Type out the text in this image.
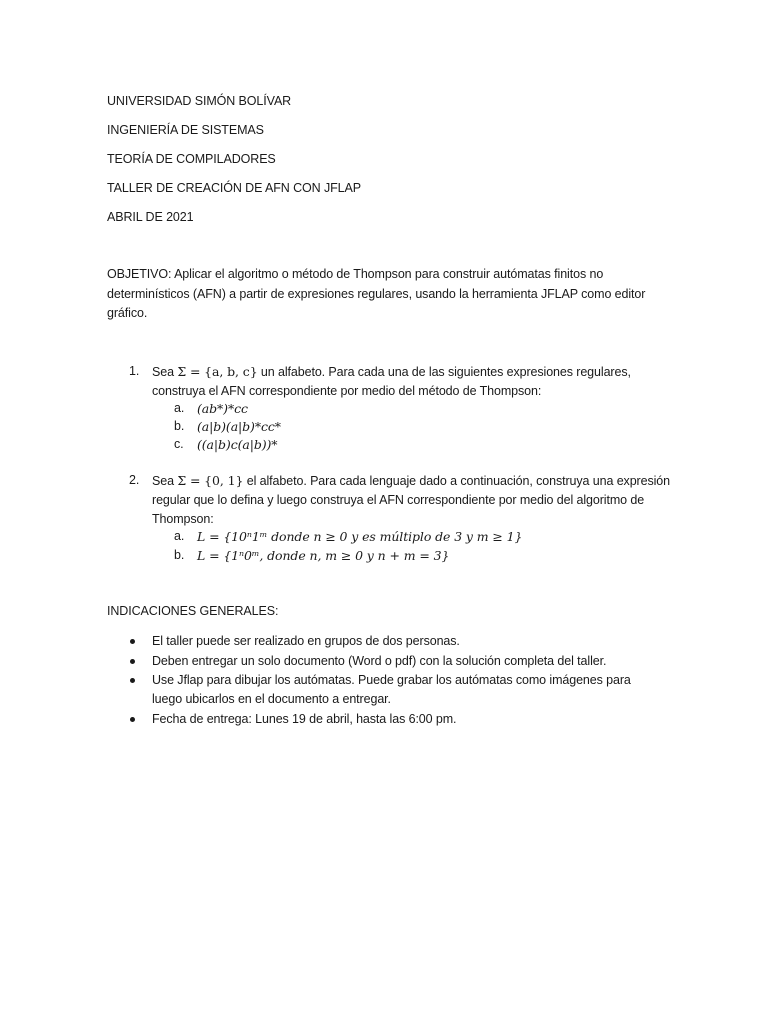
UNIVERSIDAD SIMÓN BOLÍVAR
INGENIERÍA DE SISTEMAS
TEORÍA DE COMPILADORES
TALLER DE CREACIÓN DE AFN CON JFLAP
ABRIL DE 2021
OBJETIVO: Aplicar el algoritmo o método de Thompson para construir autómatas finitos no determinísticos (AFN) a partir de expresiones regulares, usando la herramienta JFLAP como editor gráfico.
1. Sea Σ = {a, b, c} un alfabeto. Para cada una de las siguientes expresiones regulares, construya el AFN correspondiente por medio del método de Thompson:
a. (ab*)*cc
b. (a|b)(a|b)*cc*
c. ((a|b)c(a|b))*
2. Sea Σ = {0, 1} el alfabeto. Para cada lenguaje dado a continuación, construya una expresión regular que lo defina y luego construya el AFN correspondiente por medio del algoritmo de Thompson:
a. L = {10ⁿ1ᵐ donde n ≥ 0 y es múltiplo de 3 y m ≥ 1}
b. L = {1ⁿ0ᵐ, donde n, m ≥ 0 y n + m = 3}
INDICACIONES GENERALES:
El taller puede ser realizado en grupos de dos personas.
Deben entregar un solo documento (Word o pdf) con la solución completa del taller.
Use Jflap para dibujar los autómatas. Puede grabar los autómatas como imágenes para luego ubicarlos en el documento a entregar.
Fecha de entrega: Lunes 19 de abril, hasta las 6:00 pm.
